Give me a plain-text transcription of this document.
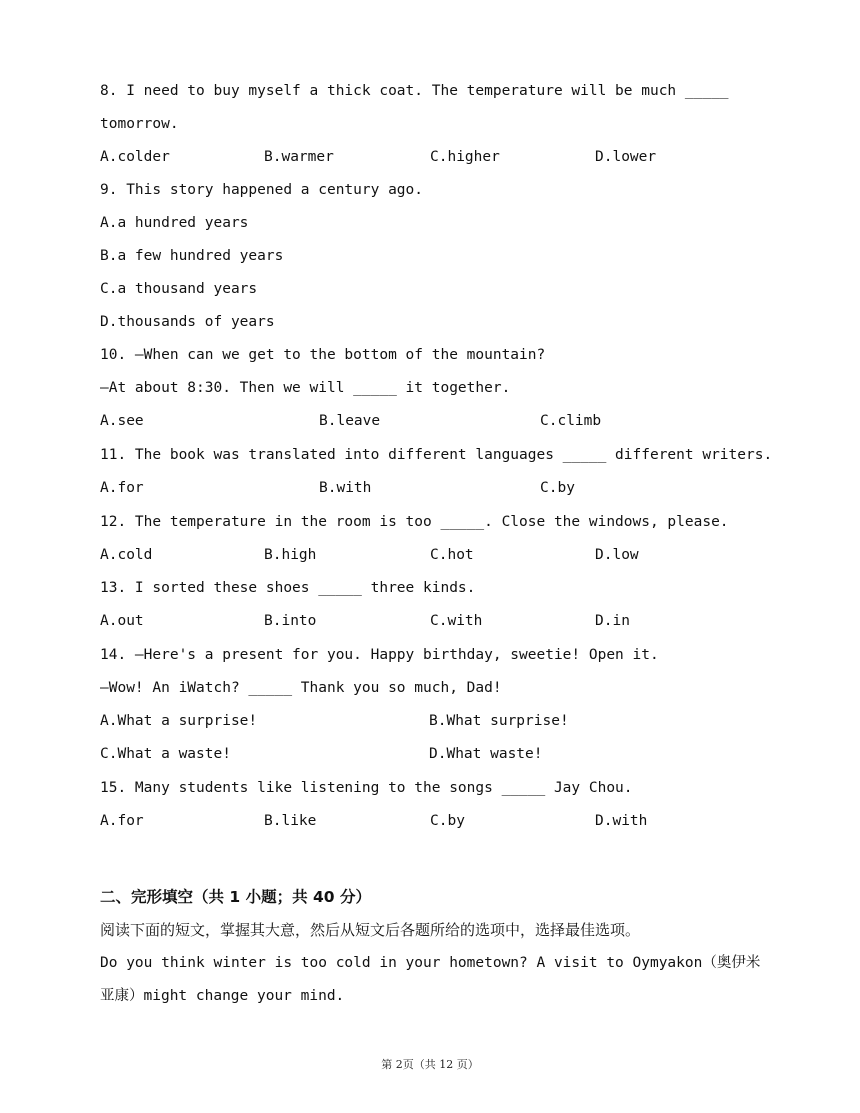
8. I need to buy myself a thick coat. The temperature will be much _____
tomorrow.
A.colder	B.warmer	C.higher	D.lower
9. This story happened a century ago.
A.a hundred years
B.a few hundred years
C.a thousand years
D.thousands of years
10. —When can we get to the bottom of the mountain?
—At about 8:30. Then we will _____ it together.
A.see	B.leave	C.climb
11. The book was translated into different languages _____ different writers.
A.for	B.with	C.by
12. The temperature in the room is too _____. Close the windows, please.
A.cold	B.high	C.hot	D.low
13. I sorted these shoes _____ three kinds.
A.out	B.into	C.with	D.in
14. —Here's a present for you. Happy birthday, sweetie! Open it.
—Wow! An iWatch? _____ Thank you so much, Dad!
A.What a surprise!	B.What surprise!
C.What a waste!	D.What waste!
15. Many students like listening to the songs _____ Jay Chou.
A.for	B.like	C.by	D.with
二、完形填空（共 1 小题；共 40 分）
阅读下面的短文，掌握其大意，然后从短文后各题所给的选项中，选择最佳选项。
Do you think winter is too cold in your hometown? A visit to Oymyakon（奥伊米
亚康）might change your mind.
第 2页（共 12 页）
